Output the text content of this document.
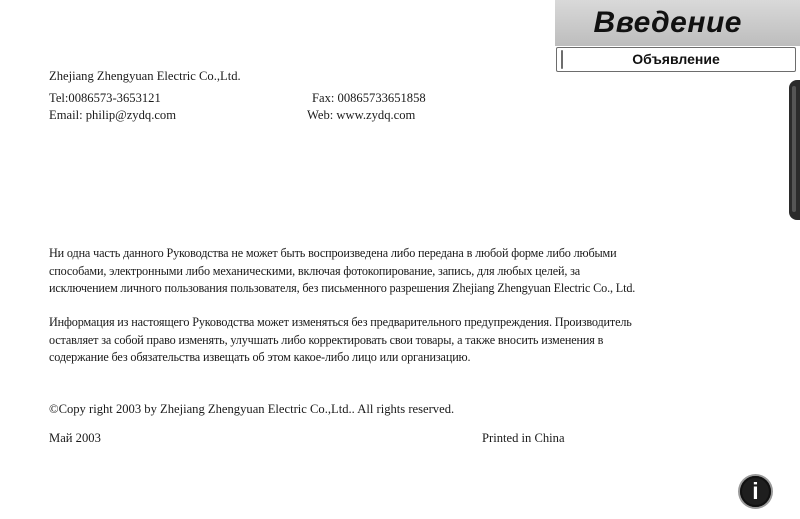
Введение
Объявление
Zhejiang Zhengyuan Electric Co.,Ltd.
Tel:0086573-3653121	Fax: 00865733651858
Email: philip@zydq.com	Web: www.zydq.com
Ни одна часть данного Руководства не может быть воспроизведена либо передана в любой форме либо любыми
способами, электронными либо механическими, включая фотокопирование, запись, для любых целей, за
исключением личного пользования пользователя, без письменного разрешения Zhejiang Zhengyuan Electric Co., Ltd.
Информация из настоящего Руководства может изменяться без предварительного предупреждения. Производитель
оставляет за собой право изменять, улучшать либо корректировать свои товары, а также вносить изменения в
содержание без обязательства извещать об этом какое-либо лицо или организацию.
©Copy right 2003 by Zhejiang Zhengyuan Electric Co.,Ltd.. All rights reserved.
Май 2003	Printed in China
i
